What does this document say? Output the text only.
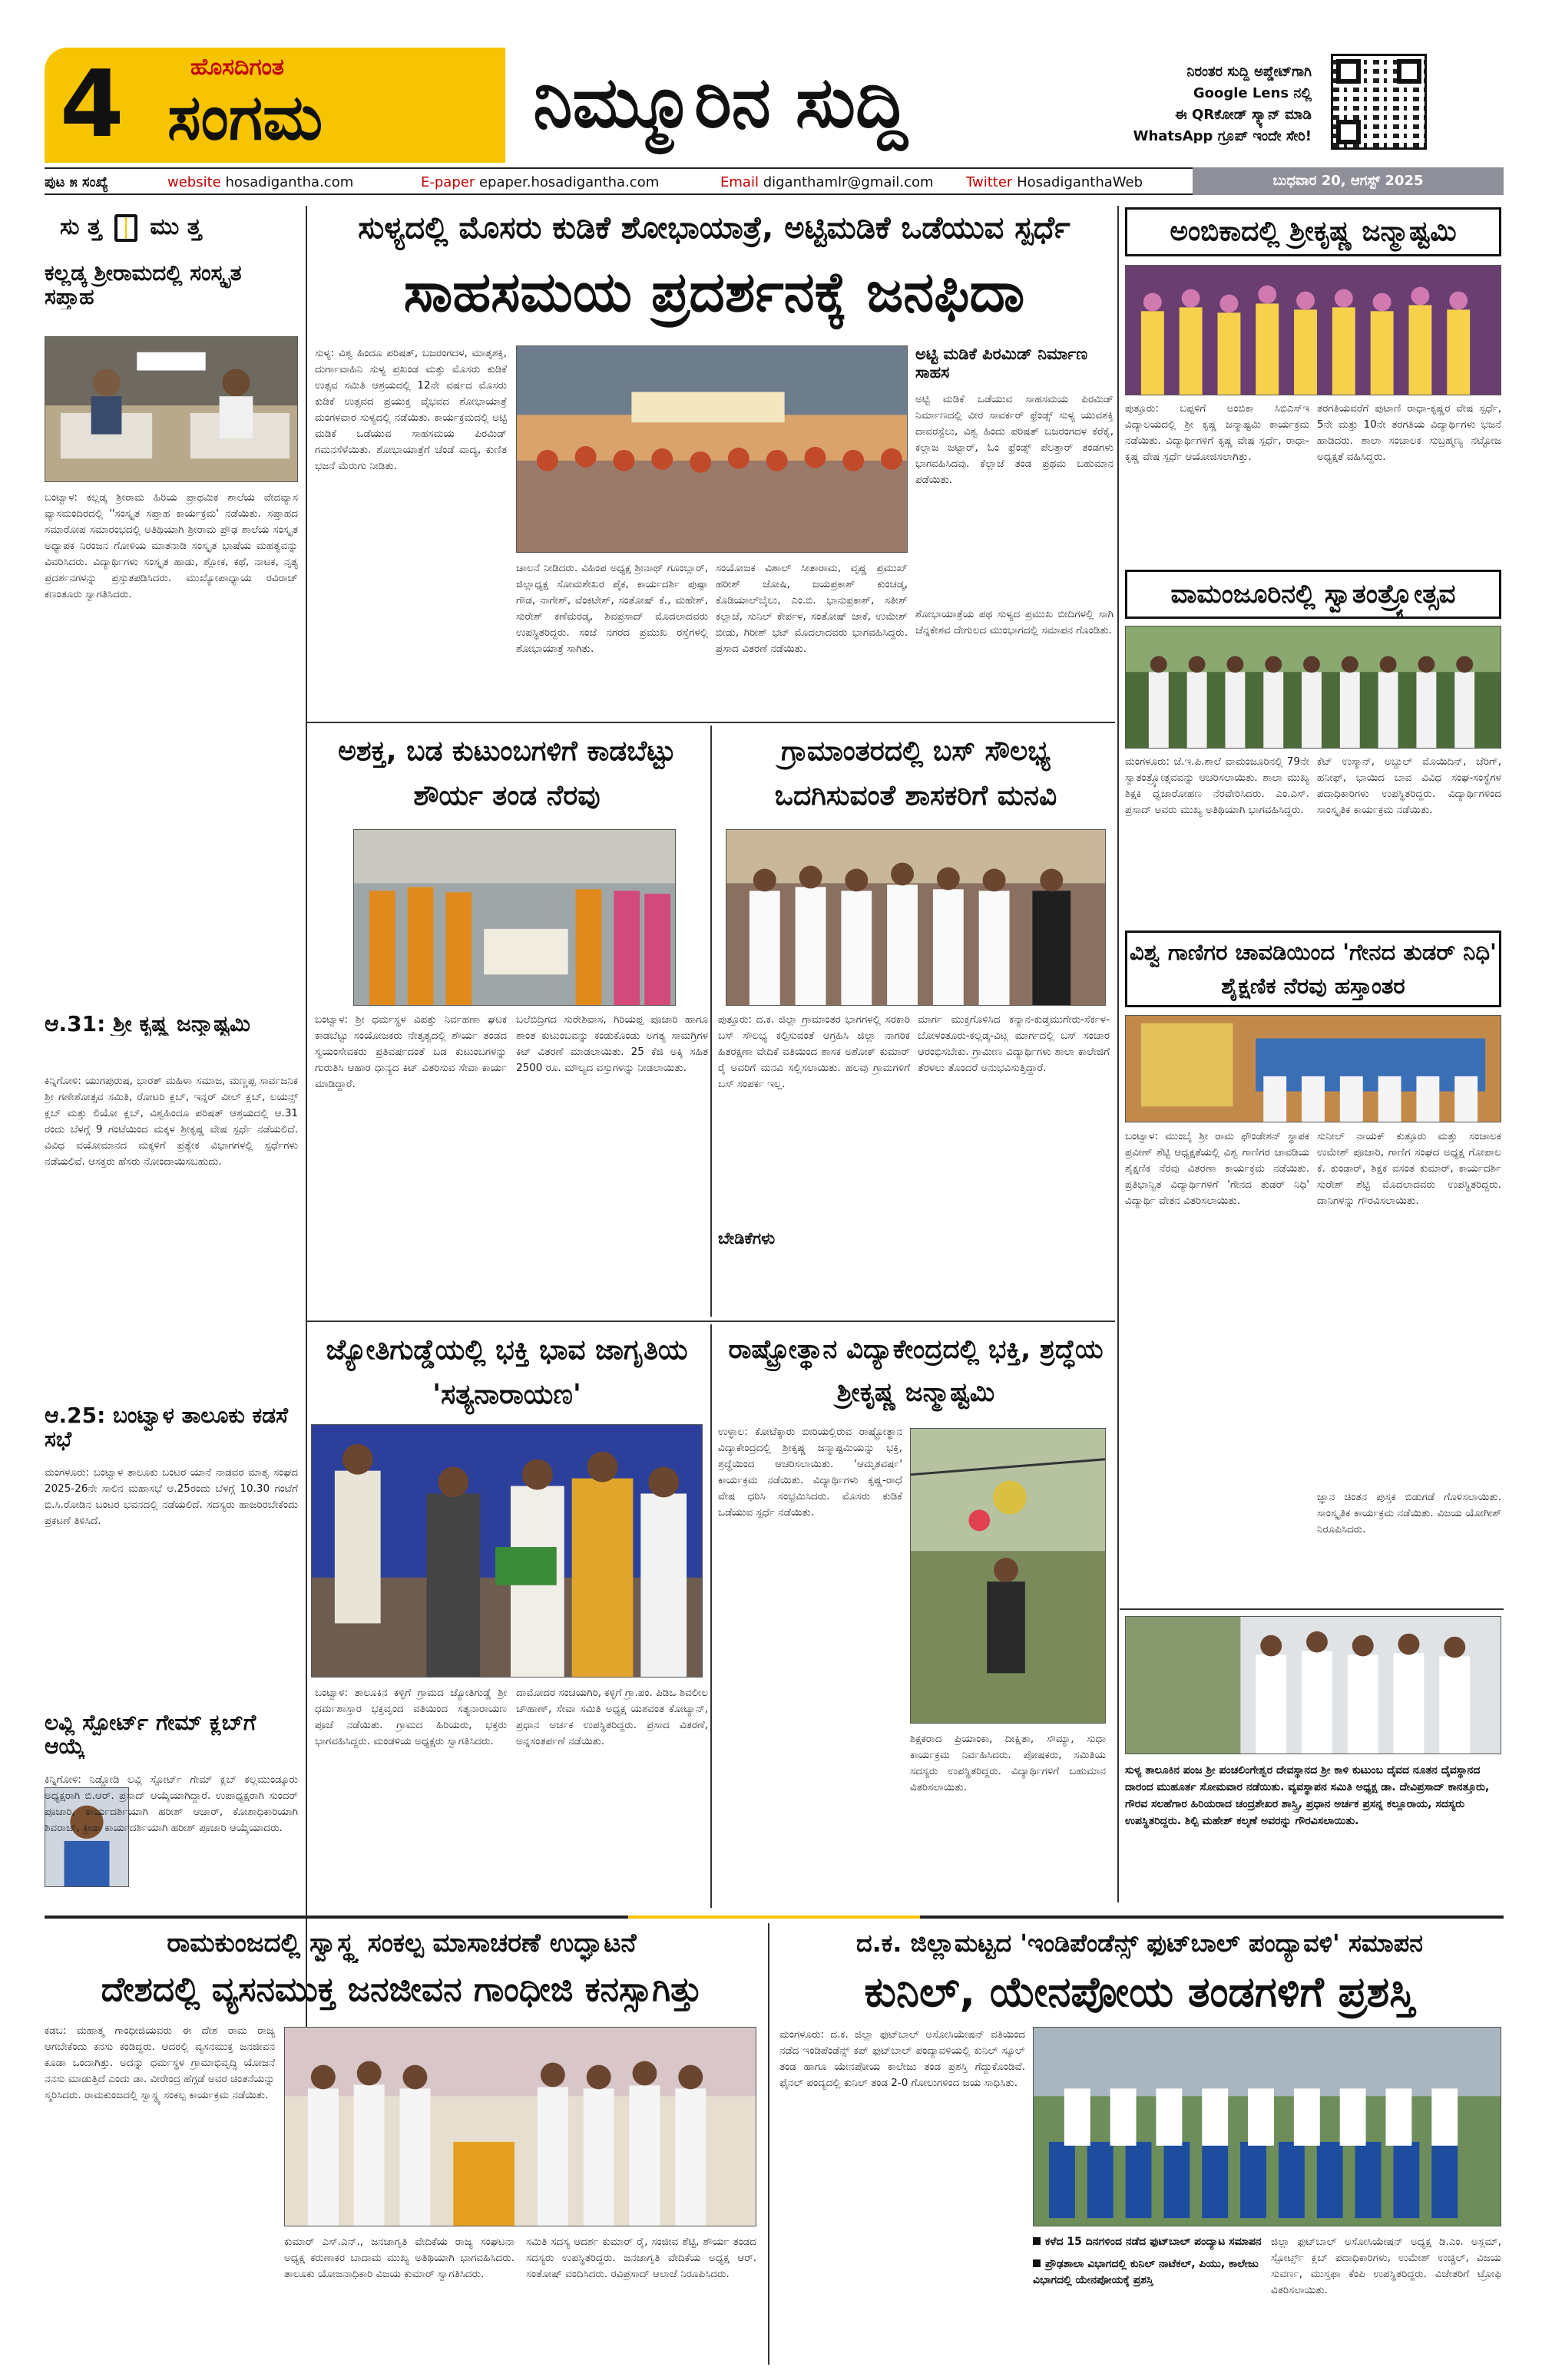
4	ಹೊಸದಿಗಂತ
ಸಂಗಮ	ನಿಮ್ಮೂರಿನ ಸುದ್ದಿ	ನಿರಂತರ ಸುದ್ದಿ ಅಪ್ಡೇಟ್‌ಗಾಗಿ
Google Lens ನಲ್ಲಿ
ಈ QRಕೋಡ್ ಸ್ಕ್ಯಾನ್ ಮಾಡಿ
WhatsApp ಗ್ರೂಪ್ ಇಂದೇ ಸೇರಿ!
ಪುಟ ೫ ಸಂಖ್ಯೆ	website hosadigantha.com	E-paper epaper.hosadigantha.com	Email diganthamlr@gmail.com Twitter HosadiganthaWeb	ಬುಧವಾರ 20, ಆಗಸ್ಟ್ 2025
ಸು ತ್ತ ಮು ತ್ತ
ಕಲ್ಲಡ್ಕ ಶ್ರೀರಾಮದಲ್ಲಿ ಸಂಸ್ಕೃತ ಸಪ್ತಾಹ
ಬಂಟ್ವಾಳ: ಕಲ್ಲಡ್ಕ ಶ್ರೀರಾಮ ಹಿರಿಯ ಪ್ರಾಥಮಿಕ ಶಾಲೆಯ ವೇದವ್ಯಾಸ ವ್ಯಾಸಮಂದಿರದಲ್ಲಿ ''ಸಂಸ್ಕೃತ ಸಪ್ತಾಹ ಕಾರ್ಯಕ್ರಮ' ನಡೆಯಿತು. ಸಪ್ತಾಹದ ಸಮಾರೋಪ ಸಮಾರಂಭದಲ್ಲಿ ಅತಿಥಿಯಾಗಿ ಶ್ರೀರಾಮ ಪ್ರೌಢ ಶಾಲೆಯ ಸಂಸ್ಕೃತ ಅಧ್ಯಾಪಕ ನಿರಂಜನ ಗೋಳಿಯ ಮಾತನಾಡಿ ಸಂಸ್ಕೃತ ಭಾಷೆಯ ಮಹತ್ವವನ್ನು ವಿವರಿಸಿದರು. ವಿದ್ಯಾರ್ಥಿಗಳು ಸಂಸ್ಕೃತ ಹಾಡು, ಶ್ಲೋಕ, ಕಥೆ, ನಾಟಕ, ನೃತ್ಯ ಪ್ರದರ್ಶನಗಳನ್ನು ಪ್ರಸ್ತುತಪಡಿಸಿದರು. ಮುಖ್ಯೋಪಾಧ್ಯಾಯ ರವಿರಾಜ್ ಕಣಂತೂರು ಸ್ವಾಗತಿಸಿದರು.
ಆ.31: ಶ್ರೀ ಕೃಷ್ಣ ಜನ್ಮಾಷ್ಟಮಿ
ಕಿನ್ನಿಗೋಳಿ: ಯುಗಪುರುಷ, ಭಾರತ್ ಮಹಿಳಾ ಸಮಾಜ, ಮಣ್ಣಪ್ಪ ಸಾರ್ವಜನಿಕ ಶ್ರೀ ಗಣೇಶೋತ್ಸವ ಸಮಿತಿ, ರೋಟರಿ ಕ್ಲಬ್, ಇನ್ನರ್ ವೀಲ್ ಕ್ಲಬ್, ಲಯನ್ಸ್ ಕ್ಲಬ್ ಮತ್ತು ಲಿಯೋ ಕ್ಲಬ್, ವಿಶ್ವಹಿಂದೂ ಪರಿಷತ್ ಆಶ್ರಯದಲ್ಲಿ ಆ.31 ರಂದು ಬೆಳಗ್ಗೆ 9 ಗಂಟೆಯಿಂದ ಮಕ್ಕಳ ಶ್ರೀಕೃಷ್ಣ ವೇಷ ಸ್ಪರ್ಧೆ ನಡೆಯಲಿದೆ. ವಿವಿಧ ವಯೋಮಾನದ ಮಕ್ಕಳಿಗೆ ಪ್ರತ್ಯೇಕ ವಿಭಾಗಗಳಲ್ಲಿ ಸ್ಪರ್ಧೆಗಳು ನಡೆಯಲಿವೆ. ಆಸಕ್ತರು ಹೆಸರು ನೋಂದಾಯಿಸಬಹುದು.
ಆ.25: ಬಂಟ್ವಾಳ ತಾಲೂಕು ಕಡಸೆ ಸಭೆ
ಮಂಗಳೂರು: ಬಂಟ್ವಾಳ ತಾಲೂಕು ಬಂಟರ ಯಾನೆ ನಾಡವರ ಮಾತೃ ಸಂಘದ 2025-26ನೇ ಸಾಲಿನ ಮಹಾಸಭೆ ಆ.25ರಂದು ಬೆಳಗ್ಗೆ 10.30 ಗಂಟೆಗೆ ಬಿ.ಸಿ.ರೋಡಿನ ಬಂಟರ ಭವನದಲ್ಲಿ ನಡೆಯಲಿದೆ. ಸದಸ್ಯರು ಹಾಜರಿರಬೇಕೆಂದು ಪ್ರಕಟಣೆ ತಿಳಿಸಿದೆ.
ಲವ್ಲಿ ಸ್ಪೋರ್ಟ್ ಗೇಮ್ ಕ್ಲಬ್‌ಗೆ ಆಯ್ಕೆ
ಕಿನ್ನಿಗೋಳಿ: ನಿಡ್ಡೋಡಿ ಲವ್ಲಿ ಸ್ಪೋರ್ಟ್ ಗೇಮ್ ಕ್ಲಬ್ ಕಲ್ಲಮುಂಡ್ಕೂರು ಅಧ್ಯಕ್ಷರಾಗಿ ಬಿ.ಆರ್. ಪ್ರಸಾದ್ ಆಯ್ಕೆಯಾಗಿದ್ದಾರೆ. ಉಪಾಧ್ಯಕ್ಷರಾಗಿ ಸುಂದರ್ ಪೂಜಾರಿ, ಕಾರ್ಯದರ್ಶಿಯಾಗಿ ಹರೀಶ್ ಆಚಾರ್, ಕೋಶಾಧಿಕಾರಿಯಾಗಿ ಶಿವರಾಜ್, ಕ್ರೀಡಾ ಕಾರ್ಯದರ್ಶಿಯಾಗಿ ಹರೀಶ್ ಪೂಜಾರಿ ಆಯ್ಕೆಯಾದರು.
ಸುಳ್ಯದಲ್ಲಿ ಮೊಸರು ಕುಡಿಕೆ ಶೋಭಾಯಾತ್ರೆ, ಅಟ್ಟಿಮಡಿಕೆ ಒಡೆಯುವ ಸ್ಪರ್ಧೆ
ಸಾಹಸಮಯ ಪ್ರದರ್ಶನಕ್ಕೆ ಜನಫಿದಾ
ಸುಳ್ಯ: ವಿಶ್ವ ಹಿಂದೂ ಪರಿಷತ್, ಬಜರಂಗದಳ, ಮಾತೃಶಕ್ತಿ, ದುರ್ಗಾವಾಹಿನಿ ಸುಳ್ಯ ಪ್ರಖಂಡ ಮತ್ತು ಮೊಸರು ಕುಡಿಕೆ ಉತ್ಸವ ಸಮಿತಿ ಆಶ್ರಯದಲ್ಲಿ 12ನೇ ವರ್ಷದ ಮೊಸರು ಕುಡಿಕೆ ಉತ್ಸವದ ಪ್ರಯುಕ್ತ ವೈಭವದ ಶೋಭಾಯಾತ್ರೆ ಮಂಗಳವಾರ ಸುಳ್ಯದಲ್ಲಿ ನಡೆಯಿತು. ಕಾರ್ಯಕ್ರಮದಲ್ಲಿ ಅಟ್ಟಿ ಮಡಿಕೆ ಒಡೆಯುವ ಸಾಹಸಮಯ ಪಿರಮಿಡ್ ಗಮನಸೆಳೆಯಿತು. ಶೋಭಾಯಾತ್ರೆಗೆ ಚೆಂಡೆ ವಾದ್ಯ, ಕುಣಿತ ಭಜನೆ ಮೆರುಗು ನೀಡಿತು.
ಚಾಲನೆ ನೀಡಿದರು. ವಿಹಿಂಪ ಅಧ್ಯಕ್ಷ ಶ್ರೀನಾಥ್ ಗೂಂಬ್ಲಾರ್, ಜಿಲ್ಲಾಧ್ಯಕ್ಷ ಸೋಮಶೇಖರ ಪೈಕ, ಕಾರ್ಯದರ್ಶಿ ಪುಷ್ಪಾ ಗೌಡ, ನಾಗೇಶ್, ವೆಂಕಟೇಶ್, ಸಂತೋಷ್ ಕೆ., ಮಹೇಶ್, ಸುರೇಶ್ ಕಣೆಮರಡ್ಕ, ಶಿವಪ್ರಸಾದ್ ಮೊದಲಾದವರು ಉಪಸ್ಥಿತರಿದ್ದರು. ಸಂಜೆ ನಗರದ ಪ್ರಮುಖ ರಸ್ತೆಗಳಲ್ಲಿ ಶೋಭಾಯಾತ್ರೆ ಸಾಗಿತು.
ಸಂಯೋಜಕ ವಿಶಾಲ್ ಸೀತಾರಾಮ, ವೃಷ್ಣ ಪ್ರಮುಖ್ ಹರೀಶ್ ಜೋಷಿ, ಜಯಪ್ರಕಾಶ್ ಕುಂಚಡ್ಕ, ಕೊಡಿಯಾಲ್‌ಬೈಲು, ಎಂ.ಬಿ. ಭಾನುಪ್ರಕಾಶ್, ಸತೀಶ್ ಕಲ್ಲಾಜೆ, ಸುನಿಲ್ ಕೇರ್ಪಳ, ಸಂತೋಷ್ ಜಾಕೆ, ಉಮೇಶ್ ಬೀಡು, ಗಿರೀಶ್ ಭಟ್ ಮೊದಲಾದವರು ಭಾಗವಹಿಸಿದ್ದರು. ಪ್ರಸಾದ ವಿತರಣೆ ನಡೆಯಿತು.
ಅಟ್ಟಿ ಮಡಿಕೆ ಪಿರಮಿಡ್ ನಿರ್ಮಾಣ ಸಾಹಸ
ಅಟ್ಟಿ ಮಡಿಕೆ ಒಡೆಯುವ ಸಾಹಸಮಯ ಪಿರಮಿಡ್ ನಿರ್ಮಾಣದಲ್ಲಿ ವೀರ ಸಾವರ್ಕರ್ ಫ್ರೆಂಡ್ಸ್ ಸುಳ್ಯ ಯುವಶಕ್ತಿ ದಾವರಸ್ಟೆಲು, ವಿಶ್ವ ಹಿಂದು ಪರಿಷತ್ ಬಜರಂಗದಳ ಕೆರೆಕೈ, ಕಲ್ಲಾಜ ಜಟ್ಟಾರ್, ಓಂ ಫ್ರೆಂಡ್ಸ್ ಪೆಲತ್ತಾರ್ ತಂಡಗಳು ಭಾಗವಹಿಸಿದವು. ಕೆಲ್ಲಾಜೆ ತಂಡ ಪ್ರಥಮ ಬಹುಮಾನ ಪಡೆಯಿತು.
ಶೋಭಾಯಾತ್ರೆಯ ಪಥ ಸುಳ್ಯದ ಪ್ರಮುಖ ಬೀದಿಗಳಲ್ಲಿ ಸಾಗಿ ಚೆನ್ನಕೇಶವ ದೇಗುಲದ ಮುಂಭಾಗದಲ್ಲಿ ಸಮಾಪನ ಗೊಂಡಿತು.
ಅಂಬಿಕಾದಲ್ಲಿ ಶ್ರೀಕೃಷ್ಣ ಜನ್ಮಾಷ್ಟಮಿ
ಪುತ್ತೂರು: ಬಪ್ಪಳಿಗೆ ಅಂಬಿಕಾ ಸಿಬಿಎಸ್‌ಇ ವಿದ್ಯಾಲಯದಲ್ಲಿ ಶ್ರೀ ಕೃಷ್ಣ ಜನ್ಮಾಷ್ಟಮಿ ಕಾರ್ಯಕ್ರಮ ನಡೆಯಿತು. ವಿದ್ಯಾರ್ಥಿಗಳಿಗೆ ಕೃಷ್ಣ ವೇಷ ಸ್ಪರ್ಧೆ, ರಾಧಾ-ಕೃಷ್ಣ ವೇಷ ಸ್ಪರ್ಧೆ ಆಯೋಜಿಸಲಾಗಿತ್ತು.
ತರಗತಿಯವರೆಗೆ ಪುಟಾಣಿ ರಾಧಾ-ಕೃಷ್ಣರ ವೇಷ ಸ್ಪರ್ಧೆ, 5ನೇ ಮತ್ತು 10ನೇ ತರಗತಿಯ ವಿದ್ಯಾರ್ಥಿಗಳು ಭಜನೆ ಹಾಡಿದರು. ಶಾಲಾ ಸಂಚಾಲಕ ಸುಬ್ರಹ್ಮಣ್ಯ ನಟ್ಟೋಜ ಅಧ್ಯಕ್ಷತೆ ವಹಿಸಿದ್ದರು.
ವಾಮಂಜೂರಿನಲ್ಲಿ ಸ್ವಾತಂತ್ರ್ಯೋತ್ಸವ
ಮಂಗಳೂರು: ಜೆ.ಇ.ಪಿ.ಶಾಲೆ ವಾಮಂಜೂರಿನಲ್ಲಿ 79ನೇ ಸ್ವಾತಂತ್ರ್ಯೋತ್ಸವವನ್ನು ಆಚರಿಸಲಾಯಿತು. ಶಾಲಾ ಮುಖ್ಯ ಶಿಕ್ಷಕಿ ಧ್ವಜಾರೋಹಣ ನೆರವೇರಿಸಿದರು. ಎಂ.ಎಸ್. ಪ್ರಸಾದ್ ಅವರು ಮುಖ್ಯ ಅತಿಥಿಯಾಗಿ ಭಾಗವಹಿಸಿದ್ದರು.
ಕೆಟ್ ಉಸ್ಮಾನ್, ಅಬ್ದುಲ್ ಮೊಯಿದಿನ್, ಚೆರಿಗ್, ಹನೀಫ್, ಭಾಯಿದ ಬಾವ ವಿವಿಧ ಸಂಘ-ಸಂಸ್ಥೆಗಳ ಪದಾಧಿಕಾರಿಗಳು ಉಪಸ್ಥಿತರಿದ್ದರು. ವಿದ್ಯಾರ್ಥಿಗಳಿಂದ ಸಾಂಸ್ಕೃತಿಕ ಕಾರ್ಯಕ್ರಮ ನಡೆಯಿತು.
ವಿಶ್ವ ಗಾಣಿಗರ ಚಾವಡಿಯಿಂದ 'ಗೇನದ ತುಡರ್ ನಿಧಿ' ಶೈಕ್ಷಣಿಕ ನೆರವು ಹಸ್ತಾಂತರ
ಬಂಟ್ವಾಳ: ಮುಂಬೈ ಶ್ರೀ ರಾಮ ಫೌಂಡೇಶನ್ ಸ್ಥಾಪಕ ಪ್ರವೀಣ್ ಶೆಟ್ಟಿ ಆಧ್ಯಕ್ಷತೆಯಲ್ಲಿ ವಿಶ್ವ ಗಾಣಿಗರ ಚಾವಡಿಯ ಶೈಕ್ಷಣಿಕ ನೆರವು ವಿತರಣಾ ಕಾರ್ಯಕ್ರಮ ನಡೆಯಿತು. ಪ್ರತಿಭಾನ್ವಿತ ವಿದ್ಯಾರ್ಥಿಗಳಿಗೆ 'ಗೇನದ ತುಡರ್ ನಿಧಿ' ವಿದ್ಯಾರ್ಥಿ ವೇತನ ವಿತರಿಸಲಾಯಿತು.
ಸುನೀಲ್ ನಾಯಕ್ ಕುತ್ತೂರು ಮತ್ತು ಸಂಚಾಲಕ ಉಮೇಶ್ ಪೂಜಾರಿ, ಗಾಣಿಗ ಸಂಘದ ಅಧ್ಯಕ್ಷ ಗೋಪಾಲ ಕೆ. ಕುಂಡಾರ್, ಶಿಕ್ಷಕ ವಸಂತ ಕುಮಾರ್, ಕಾರ್ಯದರ್ಶಿ ಸುರೇಶ್ ಶೆಟ್ಟಿ ಮೊದಲಾದವರು ಉಪಸ್ಥಿತರಿದ್ದರು. ದಾನಿಗಳನ್ನು ಗೌರವಿಸಲಾಯಿತು.
ಜ್ಞಾನ ಚಿಂತನ ಪುಸ್ತಕ ಬಿಡುಗಡೆ ಗೊಳಿಸಲಾಯಿತು. ಸಾಂಸ್ಕೃತಿಕ ಕಾರ್ಯಕ್ರಮ ನಡೆಯಿತು. ವಿಜಯ ಯೋಗೀಶ್ ನಿರೂಪಿಸಿದರು.
ಸುಳ್ಯ ತಾಲೂಕಿನ ಪಂಜ ಶ್ರೀ ಪಂಚಲಿಂಗೇಶ್ವರ ದೇವಸ್ಥಾನದ ಶ್ರೀ ಕಾಳಿ ಕುಟುಂಬ ದೈವದ ನೂತನ ದೈವಸ್ಥಾನದ ದಾರಂದ ಮುಹೂರ್ತ ಸೋಮವಾರ ನಡೆಯಿತು. ವ್ಯವಸ್ಥಾಪನ ಸಮಿತಿ ಅಧ್ಯಕ್ಷ ಡಾ. ದೇವಿಪ್ರಸಾದ್ ಕಾನತ್ತೂರು, ಗೌರವ ಸಲಹೆಗಾರ ಹಿರಿಯರಾದ ಚಂದ್ರಶೇಖರ ಶಾಸ್ತ್ರಿ, ಪ್ರಧಾನ ಅರ್ಚಕ ಪ್ರಸನ್ನ ಕಲ್ಲೂರಾಯ, ಸದಸ್ಯರು ಉಪಸ್ಥಿತರಿದ್ದರು. ಶಿಲ್ಪಿ ಮಹೇಶ್ ಕಲ್ಕಣೆ ಅವರನ್ನು ಗೌರವಿಸಲಾಯಿತು.
ಅಶಕ್ತ, ಬಡ ಕುಟುಂಬಗಳಿಗೆ ಕಾಡಬೆಟ್ಟು ಶೌರ್ಯ ತಂಡ ನೆರವು
ಬಂಟ್ವಾಳ: ಶ್ರೀ ಧರ್ಮಸ್ಥಳ ವಿಪತ್ತು ನಿರ್ವಹಣಾ ಘಟಕ ಕಾಡಬೆಟ್ಟು ಸಂಯೋಜಕರು ನೇತೃತ್ವದಲ್ಲಿ ಶೌರ್ಯ ತಂಡದ ಸ್ವಯಂಸೇವಕರು ಪ್ರತಿವರ್ಷದಂತೆ ಬಡ ಕುಟುಂಬಗಳನ್ನು ಗುರುತಿಸಿ ಆಹಾರ ಧಾನ್ಯದ ಕಿಟ್ ವಿತರಿಸುವ ಸೇವಾ ಕಾರ್ಯ ಮಾಡಿದ್ದಾರೆ.
ಬಲೆಬಿದ್ರಿಗದ ಸುರೇಶಿವಾಸ, ಗಿರಿಯಪ್ಪ ಪೂಜಾರಿ ಹಾಗೂ ಶಾಂತ ಕುಟುಂಬವನ್ನು ಕಂಡುಕೊಂಡು ಅಗತ್ಯ ಸಾಮಗ್ರಿಗಳ ಕಿಟ್ ವಿತರಣೆ ಮಾಡಲಾಯಿತು. 25 ಕೆಜಿ ಅಕ್ಕಿ ಸಹಿತ 2500 ರೂ. ಮೌಲ್ಯದ ವಸ್ತುಗಳನ್ನು ನೀಡಲಾಯಿತು.
ಗ್ರಾಮಾಂತರದಲ್ಲಿ ಬಸ್ ಸೌಲಭ್ಯ ಒದಗಿಸುವಂತೆ ಶಾಸಕರಿಗೆ ಮನವಿ
ಪುತ್ತೂರು: ದ.ಕ. ಜಿಲ್ಲಾ ಗ್ರಾಮಾಂತರ ಭಾಗಗಳಲ್ಲಿ ಸರಕಾರಿ ಬಸ್ ಸೌಲಭ್ಯ ಕಲ್ಪಿಸುವಂತೆ ಆಗ್ರಹಿಸಿ ಜಿಲ್ಲಾ ನಾಗರಿಕ ಹಿತರಕ್ಷಣಾ ವೇದಿಕೆ ವತಿಯಿಂದ ಶಾಸಕ ಅಶೋಕ್ ಕುಮಾರ್ ರೈ ಅವರಿಗೆ ಮನವಿ ಸಲ್ಲಿಸಲಾಯಿತು. ಹಲವು ಗ್ರಾಮಗಳಿಗೆ ಬಸ್ ಸಂಪರ್ಕ ಇಲ್ಲ.
ಬೇಡಿಕೆಗಳು
ಮಾರ್ಗ ಮುಕ್ತಗೊಳಿಸಿದ ಕನ್ಯಾನ-ಕುಡ್ತಮುಗೇರು-ಸೆರ್ಕಳ-ಬೋಳಂತೂರು-ಕಲ್ಲಡ್ಕ-ವಿಟ್ಲ ಮಾರ್ಗದಲ್ಲಿ ಬಸ್ ಸಂಚಾರ ಆರಂಭಿಸಬೇಕು. ಗ್ರಾಮೀಣ ವಿದ್ಯಾರ್ಥಿಗಳು ಶಾಲಾ ಕಾಲೇಜಿಗೆ ತೆರಳಲು ತೊಂದರೆ ಅನುಭವಿಸುತ್ತಿದ್ದಾರೆ.
ಜ್ಯೋತಿಗುಡ್ಡೆಯಲ್ಲಿ ಭಕ್ತಿ ಭಾವ ಜಾಗೃತಿಯ 'ಸತ್ಯನಾರಾಯಣ'
ಬಂಟ್ವಾಳ: ತಾಲೂಕಿನ ಕಳ್ಳಿಗೆ ಗ್ರಾಮದ ಜ್ಯೋತಿಗುಡ್ಡೆ ಶ್ರೀ ಧರ್ಮಶಾಸ್ತಾರ ಭಕ್ತವೃಂದ ವತಿಯಿಂದ ಸತ್ಯನಾರಾಯಣ ಪೂಜೆ ನಡೆಯಿತು. ಗ್ರಾಮದ ಹಿರಿಯರು, ಭಕ್ತರು ಭಾಗವಹಿಸಿದ್ದರು. ಮಂಡಳಿಯ ಅಧ್ಯಕ್ಷರು ಸ್ವಾಗತಿಸಿದರು.
ದಾಮೋದರ ಸಂಚಯಗಿರಿ, ಕಳ್ಳಿಗೆ ಗ್ರಾ.ಪಂ. ಪಿಡಿಒ ಶಿವಲೀಲ ಚೌಹಾಣ್, ಸೇವಾ ಸಮಿತಿ ಅಧ್ಯಕ್ಷ ಯಶವಂತ ಕೋಟ್ಯಾನ್, ಪ್ರಧಾನ ಅರ್ಚಕ ಉಪಸ್ಥಿತರಿದ್ದರು. ಪ್ರಸಾದ ವಿತರಣೆ, ಅನ್ನಸಂತರ್ಪಣೆ ನಡೆಯಿತು.
ರಾಷ್ಟ್ರೋತ್ಥಾನ ವಿದ್ಯಾಕೇಂದ್ರದಲ್ಲಿ ಭಕ್ತಿ, ಶ್ರದ್ಧೆಯ ಶ್ರೀಕೃಷ್ಣ ಜನ್ಮಾಷ್ಟಮಿ
ಉಳ್ಳಾಲ: ಕೋಟೆಕ್ಕಾರು ಬೀರಿಯಲ್ಲಿರುವ ರಾಷ್ಟ್ರೋತ್ಥಾನ ವಿದ್ಯಾಕೇಂದ್ರದಲ್ಲಿ ಶ್ರೀಕೃಷ್ಣ ಜನ್ಮಾಷ್ಟಮಿಯನ್ನು ಭಕ್ತಿ, ಶ್ರದ್ಧೆಯಿಂದ ಆಚರಿಸಲಾಯಿತು. 'ಆಮೃತವರ್ಷ' ಕಾರ್ಯಕ್ರಮ ನಡೆಯಿತು. ವಿದ್ಯಾರ್ಥಿಗಳು ಕೃಷ್ಣ-ರಾಧೆ ವೇಷ ಧರಿಸಿ ಸಂಭ್ರಮಿಸಿದರು. ಮೊಸರು ಕುಡಿಕೆ ಒಡೆಯುವ ಸ್ಪರ್ಧೆ ನಡೆಯಿತು.
ಶಿಕ್ಷಕರಾದ ಪ್ರಿಯಾಂಕಾ, ದೀಕ್ಷಿತಾ, ಸೌಮ್ಯಾ, ಸುಧಾ ಕಾರ್ಯಕ್ರಮ ನಿರ್ವಹಿಸಿದರು. ಪೋಷಕರು, ಸಮಿತಿಯ ಸದಸ್ಯರು ಉಪಸ್ಥಿತರಿದ್ದರು. ವಿದ್ಯಾರ್ಥಿಗಳಿಗೆ ಬಹುಮಾನ ವಿತರಿಸಲಾಯಿತು.
ರಾಮಕುಂಜದಲ್ಲಿ ಸ್ವಾಸ್ಥ್ಯ ಸಂಕಲ್ಪ ಮಾಸಾಚರಣೆ ಉದ್ಘಾಟನೆ
ದೇಶದಲ್ಲಿ ವ್ಯಸನಮುಕ್ತ ಜನಜೀವನ ಗಾಂಧೀಜಿ ಕನಸ್ಸಾಗಿತ್ತು
ಕಡಬ: ಮಹಾತ್ಮ ಗಾಂಧೀಜಿಯವರು ಈ ದೇಶ ರಾಮ ರಾಜ್ಯ ಆಗಬೇಕೆಂದು ಕನಸು ಕಂಡಿದ್ದರು. ಆದರಲ್ಲಿ ವ್ಯಸನಮುಕ್ತ ಜನಜೀವನ ಕೂಡಾ ಒಂದಾಗಿತ್ತು. ಅದನ್ನು ಧರ್ಮಸ್ಥಳ ಗ್ರಾಮಾಭಿವೃದ್ಧಿ ಯೋಜನೆ ನನಸು ಮಾಡುತ್ತಿದೆ ಎಂದು ಡಾ. ವೀರೇಂದ್ರ ಹೆಗ್ಗಡೆ ಅವರ ಚಿಂತನೆಯನ್ನು ಸ್ಮರಿಸಿದರು. ರಾಮಕುಂಜದಲ್ಲಿ ಸ್ವಾಸ್ಥ್ಯ ಸಂಕಲ್ಪ ಕಾರ್ಯಕ್ರಮ ನಡೆಯಿತು.
ಕುಮಾರ್ ಎಸ್.ಎನ್., ಜನಜಾಗೃತಿ ವೇದಿಕೆಯ ರಾಜ್ಯ ಸಂಘಟನಾ ಅಧ್ಯಕ್ಷ ಕರುಣಾಕರ ಬಾದಾಮ ಮುಖ್ಯ ಅತಿಥಿಯಾಗಿ ಭಾಗವಹಿಸಿದರು. ತಾಲೂಕು ಯೋಜನಾಧಿಕಾರಿ ವಿಜಯ ಕುಮಾರ್ ಸ್ವಾಗತಿಸಿದರು.
ಸಮಿತಿ ಸದಸ್ಯ ಆದರ್ಶ ಕುಮಾರ್ ರೈ, ಸಂಜೀವ ಶೆಟ್ಟಿ, ಶೌರ್ಯ ತಂಡದ ಸದಸ್ಯರು ಉಪಸ್ಥಿತರಿದ್ದರು. ಜನಜಾಗೃತಿ ವೇದಿಕೆಯ ಅಧ್ಯಕ್ಷ ಆರ್. ಸಂತೋಷ್ ವಂದಿಸಿದರು. ರವಿಪ್ರಸಾದ್ ಆಲಾಜೆ ನಿರೂಪಿಸಿದರು.
ದ.ಕ. ಜಿಲ್ಲಾಮಟ್ಟದ 'ಇಂಡಿಪೆಂಡೆನ್ಸ್ ಫುಟ್‌ಬಾಲ್ ಪಂದ್ಯಾವಳಿ' ಸಮಾಪನ
ಕುನಿಲ್, ಯೇನಪೋಯ ತಂಡಗಳಿಗೆ ಪ್ರಶಸ್ತಿ
ಮಂಗಳೂರು: ದ.ಕ. ಜಿಲ್ಲಾ ಫುಟ್‌ಬಾಲ್ ಅಸೋಸಿಯೇಷನ್ ವತಿಯಿಂದ ನಡೆದ ಇಂಡಿಪೆಂಡೆನ್ಸ್ ಕಪ್ ಫುಟ್‌ಬಾಲ್ ಪಂದ್ಯಾವಳಿಯಲ್ಲಿ ಕುನಿಲ್ ಸ್ಕೂಲ್ ತಂಡ ಹಾಗೂ ಯೇನಪೋಯ ಕಾಲೇಜು ತಂಡ ಪ್ರಶಸ್ತಿ ಗೆದ್ದುಕೊಂಡಿವೆ. ಫೈನಲ್ ಪಂದ್ಯದಲ್ಲಿ ಕುನಿಲ್ ತಂಡ 2-0 ಗೋಲುಗಳಿಂದ ಜಯ ಸಾಧಿಸಿತು.
ಕಳೆದ 15 ದಿನಗಳಿಂದ ನಡೆದ ಫುಟ್‌ಬಾಲ್ ಪಂದ್ಯಾಟ ಸಮಾಪನ
ಪ್ರೌಢಶಾಲಾ ವಿಭಾಗದಲ್ಲಿ ಕುನಿಲ್ ನಾಟೆಕಲ್, ಪಿಯು, ಕಾಲೇಜು ವಿಭಾಗದಲ್ಲಿ ಯೇನಪೋಯಕ್ಕೆ ಪ್ರಶಸ್ತಿ
ಜಿಲ್ಲಾ ಫುಟ್‌ಬಾಲ್ ಅಸೋಸಿಯೇಷನ್ ಅಧ್ಯಕ್ಷ ಡಿ.ಎಂ. ಅಸ್ಲಮ್, ಸ್ಪೋರ್ಟ್ಸ್ ಕ್ಲಬ್ ಪದಾಧಿಕಾರಿಗಳು, ಉಮೇಶ್ ಉಚ್ಚಿಲ್, ವಿಜಯ ಸುವರ್ಣ, ಮುಸ್ತಫಾ ಕೆಂಪಿ ಉಪಸ್ಥಿತರಿದ್ದರು. ವಿಜೇತರಿಗೆ ಟ್ರೋಫಿ ವಿತರಿಸಲಾಯಿತು.
